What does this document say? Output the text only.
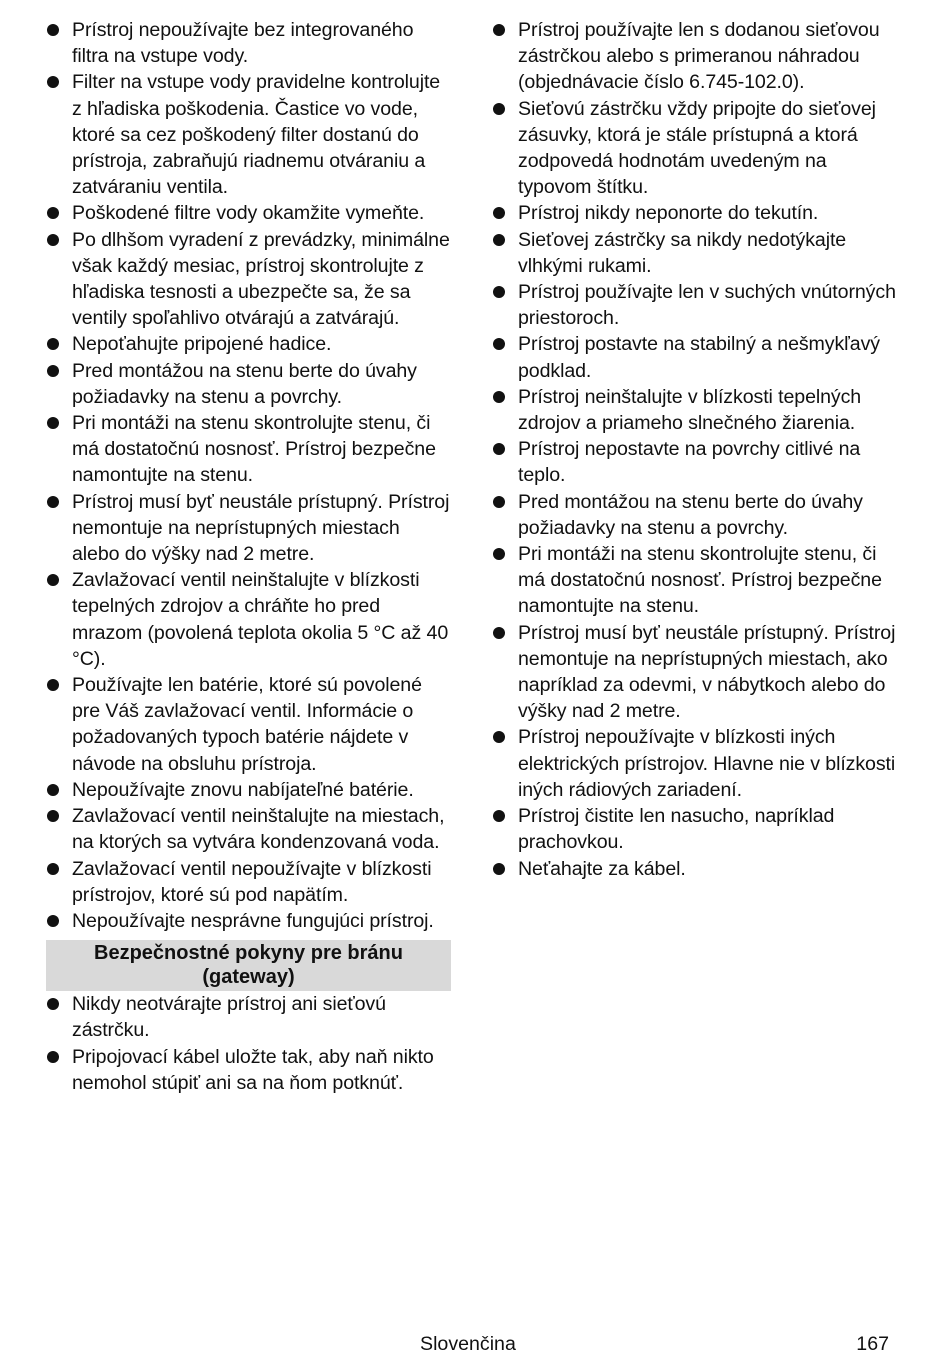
Prístroj nepoužívajte bez integrovaného filtra na vstupe vody.
Filter na vstupe vody pravidelne kontrolujte z hľadiska poškodenia. Častice vo vode, ktoré sa cez poškodený filter dostanú do prístroja, zabraňujú riadnemu otváraniu a zatváraniu ventila.
Poškodené filtre vody okamžite vymeňte.
Po dlhšom vyradení z prevádzky, minimálne však každý mesiac, prístroj skontrolujte z hľadiska tesnosti a ubezpečte sa, že sa ventily spoľahlivo otvárajú a zatvárajú.
Nepoťahujte pripojené hadice.
Pred montážou na stenu berte do úvahy požiadavky na stenu a povrchy.
Pri montáži na stenu skontrolujte stenu, či má dostatočnú nosnosť. Prístroj bezpečne namontujte na stenu.
Prístroj musí byť neustále prístupný. Prístroj nemontuje na neprístupných miestach alebo do výšky nad 2 metre.
Zavlažovací ventil neinštalujte v blízkosti tepelných zdrojov a chráňte ho pred mrazom (povolená teplota okolia 5 °C až 40 °C).
Používajte len batérie, ktoré sú povolené pre Váš zavlažovací ventil. Informácie o požadovaných typoch batérie nájdete v návode na obsluhu prístroja.
Nepoužívajte znovu nabíjateľné batérie.
Zavlažovací ventil neinštalujte na miestach, na ktorých sa vytvára kondenzovaná voda.
Zavlažovací ventil nepoužívajte v blízkosti prístrojov, ktoré sú pod napätím.
Nepoužívajte nesprávne fungujúci prístroj.
Bezpečnostné pokyny pre bránu (gateway)
Nikdy neotvárajte prístroj ani sieťovú zástrčku.
Pripojovací kábel uložte tak, aby naň nikto nemohol stúpiť ani sa na ňom potknúť.
Prístroj používajte len s dodanou sieťovou zástrčkou alebo s primeranou náhradou (objednávacie číslo 6.745-102.0).
Sieťovú zástrčku vždy pripojte do sieťovej zásuvky, ktorá je stále prístupná a ktorá zodpovedá hodnotám uvedeným na typovom štítku.
Prístroj nikdy neponorte do tekutín.
Sieťovej zástrčky sa nikdy nedotýkajte vlhkými rukami.
Prístroj používajte len v suchých vnútorných priestoroch.
Prístroj postavte na stabilný a nešmykľavý podklad.
Prístroj neinštalujte v blízkosti tepelných zdrojov a priameho slnečného žiarenia.
Prístroj nepostavte na povrchy citlivé na teplo.
Pred montážou na stenu berte do úvahy požiadavky na stenu a povrchy.
Pri montáži na stenu skontrolujte stenu, či má dostatočnú nosnosť. Prístroj bezpečne namontujte na stenu.
Prístroj musí byť neustále prístupný. Prístroj nemontuje na neprístupných miestach, ako napríklad za odevmi, v nábytkoch alebo do výšky nad 2 metre.
Prístroj nepoužívajte v blízkosti iných elektrických prístrojov. Hlavne nie v blízkosti iných rádiových zariadení.
Prístroj čistite len nasucho, napríklad prachovkou.
Neťahajte za kábel.
Slovenčina	167
